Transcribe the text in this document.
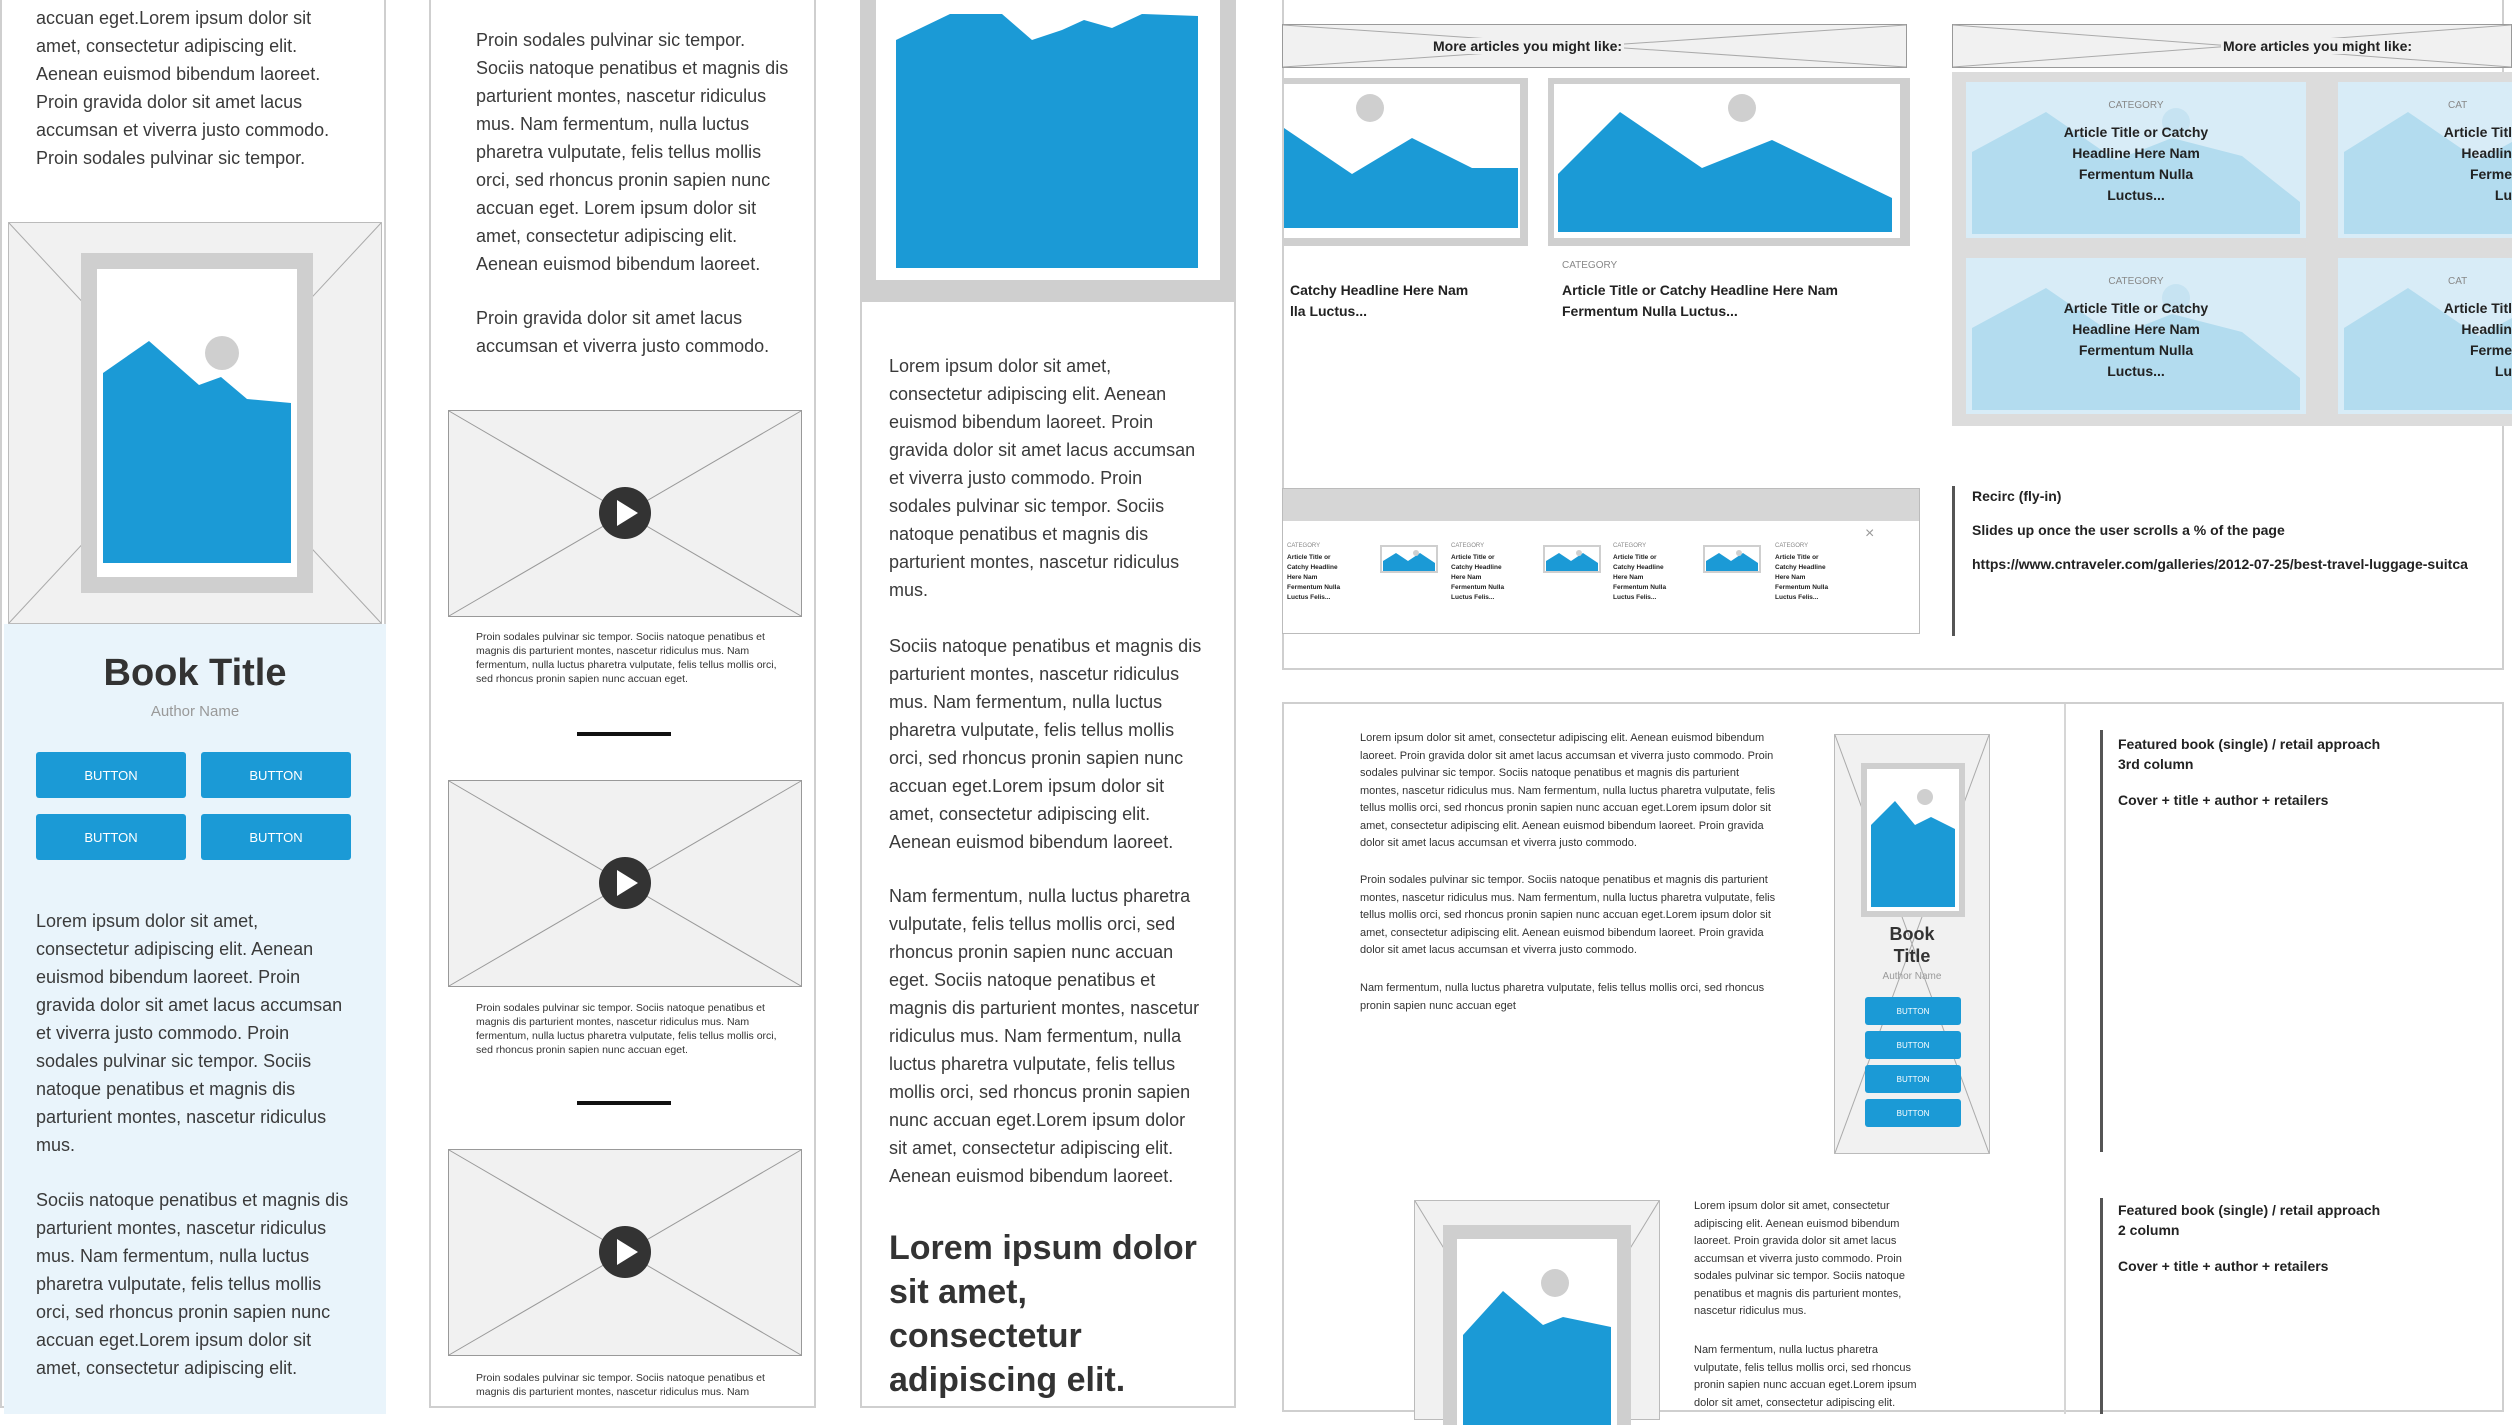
accuan eget.Lorem ipsum dolor sit
amet, consectetur adipiscing elit.
Aenean euismod bibendum laoreet.
Proin gravida dolor sit amet lacus
accumsan et viverra justo commodo.
Proin sodales pulvinar sic tempor.

Book Title
Author Name
BUTTON	BUTTON
BUTTON	BUTTON

Lorem ipsum dolor sit amet,
consectetur adipiscing elit. Aenean
euismod bibendum laoreet. Proin
gravida dolor sit amet lacus accumsan
et viverra justo commodo. Proin
sodales pulvinar sic tempor. Sociis
natoque penatibus et magnis dis
parturient montes, nascetur ridiculus
mus.

Sociis natoque penatibus et magnis dis
parturient montes, nascetur ridiculus
mus. Nam fermentum, nulla luctus
pharetra vulputate, felis tellus mollis
orci, sed rhoncus pronin sapien nunc
accuan eget.Lorem ipsum dolor sit
amet, consectetur adipiscing elit.

Proin sodales pulvinar sic tempor.
Sociis natoque penatibus et magnis dis
parturient montes, nascetur ridiculus
mus. Nam fermentum, nulla luctus
pharetra vulputate, felis tellus mollis
orci, sed rhoncus pronin sapien nunc
accuan eget. Lorem ipsum dolor sit
amet, consectetur adipiscing elit.
Aenean euismod bibendum laoreet.

Proin gravida dolor sit amet lacus
accumsan et viverra justo commodo.

Proin sodales pulvinar sic tempor. Sociis natoque penatibus et
magnis dis parturient montes, nascetur ridiculus mus. Nam
fermentum, nulla luctus pharetra vulputate, felis tellus mollis orci,
sed rhoncus pronin sapien nunc accuan eget.

Proin sodales pulvinar sic tempor. Sociis natoque penatibus et
magnis dis parturient montes, nascetur ridiculus mus. Nam
fermentum, nulla luctus pharetra vulputate, felis tellus mollis orci,
sed rhoncus pronin sapien nunc accuan eget.

Proin sodales pulvinar sic tempor. Sociis natoque penatibus et
magnis dis parturient montes, nascetur ridiculus mus. Nam

Lorem ipsum dolor sit amet,
consectetur adipiscing elit. Aenean
euismod bibendum laoreet. Proin
gravida dolor sit amet lacus accumsan
et viverra justo commodo. Proin
sodales pulvinar sic tempor. Sociis
natoque penatibus et magnis dis
parturient montes, nascetur ridiculus
mus.

Sociis natoque penatibus et magnis dis
parturient montes, nascetur ridiculus
mus. Nam fermentum, nulla luctus
pharetra vulputate, felis tellus mollis
orci, sed rhoncus pronin sapien nunc
accuan eget.Lorem ipsum dolor sit
amet, consectetur adipiscing elit.
Aenean euismod bibendum laoreet.

Nam fermentum, nulla luctus pharetra
vulputate, felis tellus mollis orci, sed
rhoncus pronin sapien nunc accuan
eget. Sociis natoque penatibus et
magnis dis parturient montes, nascetur
ridiculus mus. Nam fermentum, nulla
luctus pharetra vulputate, felis tellus
mollis orci, sed rhoncus pronin sapien
nunc accuan eget.Lorem ipsum dolor
sit amet, consectetur adipiscing elit.
Aenean euismod bibendum laoreet.

Lorem ipsum dolor
sit amet,
consectetur
adipiscing elit.

More articles you might like:
CATEGORY
Catchy Headline Here Nam
lla Luctus...
Article Title or Catchy Headline Here Nam
Fermentum Nulla Luctus...
More articles you might like:
CATEGORY
Article Title or Catchy
Headline Here Nam
Fermentum Nulla
Luctus...
CAT
Article Titl
Headlin
Ferme
Lu
CATEGORY
Article Title or Catchy
Headline Here Nam
Fermentum Nulla
Luctus...
CAT
Article Titl
Headlin
Ferme
Lu
×
CATEGORY
Article Title or
Catchy Headline
Here Nam
Fermentum Nulla
Luctus Felis...
CATEGORY
Article Title or
Catchy Headline
Here Nam
Fermentum Nulla
Luctus Felis...
CATEGORY
Article Title or
Catchy Headline
Here Nam
Fermentum Nulla
Luctus Felis...
CATEGORY
Article Title or
Catchy Headline
Here Nam
Fermentum Nulla
Luctus Felis...
Recirc (fly-in)
Slides up once the user scrolls a % of the page
https://www.cntraveler.com/galleries/2012-07-25/best-travel-luggage-suitca

Lorem ipsum dolor sit amet, consectetur adipiscing elit. Aenean euismod bibendum
laoreet. Proin gravida dolor sit amet lacus accumsan et viverra justo commodo. Proin
sodales pulvinar sic tempor. Sociis natoque penatibus et magnis dis parturient
montes, nascetur ridiculus mus. Nam fermentum, nulla luctus pharetra vulputate, felis
tellus mollis orci, sed rhoncus pronin sapien nunc accuan eget.Lorem ipsum dolor sit
amet, consectetur adipiscing elit. Aenean euismod bibendum laoreet. Proin gravida
dolor sit amet lacus accumsan et viverra justo commodo.

Proin sodales pulvinar sic tempor. Sociis natoque penatibus et magnis dis parturient
montes, nascetur ridiculus mus. Nam fermentum, nulla luctus pharetra vulputate, felis
tellus mollis orci, sed rhoncus pronin sapien nunc accuan eget.Lorem ipsum dolor sit
amet, consectetur adipiscing elit. Aenean euismod bibendum laoreet. Proin gravida
dolor sit amet lacus accumsan et viverra justo commodo.

Nam fermentum, nulla luctus pharetra vulputate, felis tellus mollis orci, sed rhoncus
pronin sapien nunc accuan eget

Book
Title
Author Name
BUTTON
BUTTON
BUTTON
BUTTON

Lorem ipsum dolor sit amet, consectetur
adipiscing elit. Aenean euismod bibendum
laoreet. Proin gravida dolor sit amet lacus
accumsan et viverra justo commodo. Proin
sodales pulvinar sic tempor. Sociis natoque
penatibus et magnis dis parturient montes,
nascetur ridiculus mus.

Nam fermentum, nulla luctus pharetra
vulputate, felis tellus mollis orci, sed rhoncus
pronin sapien nunc accuan eget.Lorem ipsum
dolor sit amet, consectetur adipiscing elit.

Featured book (single) / retail approach
3rd column
Cover + title + author + retailers
Featured book (single) / retail approach
2 column
Cover + title + author + retailers
